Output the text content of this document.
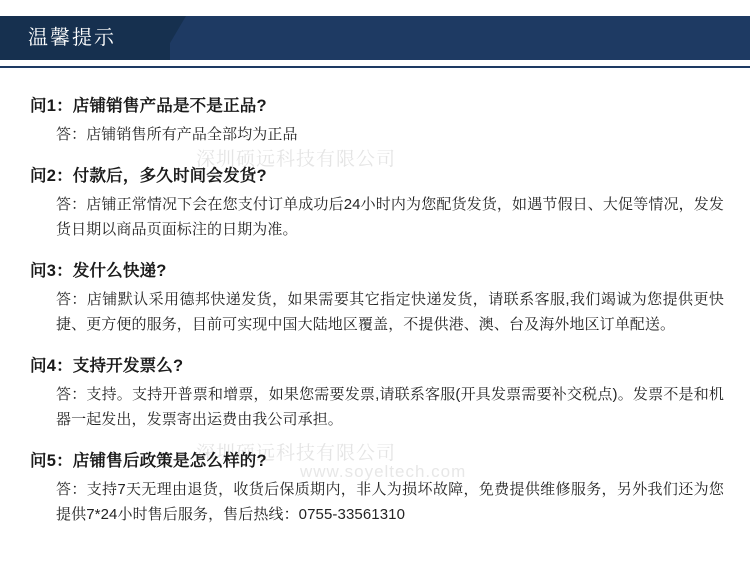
温馨提示
深圳硕远科技有限公司
深圳硕远科技有限公司
www.soyeltech.com

问1：店铺销售产品是不是正品?

答：店铺销售所有产品全部均为正品

问2：付款后，多久时间会发货?

答：店铺正常情况下会在您支付订单成功后24小时内为您配货发货，如遇节假日、大促等情况，发发货日期以商品页面标注的日期为准。

问3：发什么快递?

答：店铺默认采用德邦快递发货，如果需要其它指定快递发货，请联系客服,我们竭诚为您提供更快捷、更方便的服务，目前可实现中国大陆地区覆盖，不提供港、澳、台及海外地区订单配送。

问4：支持开发票么?

答：支持。支持开普票和增票，如果您需要发票,请联系客服(开具发票需要补交税点)。发票不是和机器一起发出，发票寄出运费由我公司承担。

问5：店铺售后政策是怎么样的?

答：支持7天无理由退货，收货后保质期内，非人为损坏故障，免费提供维修服务，另外我们还为您提供7*24小时售后服务，售后热线：0755-33561310
